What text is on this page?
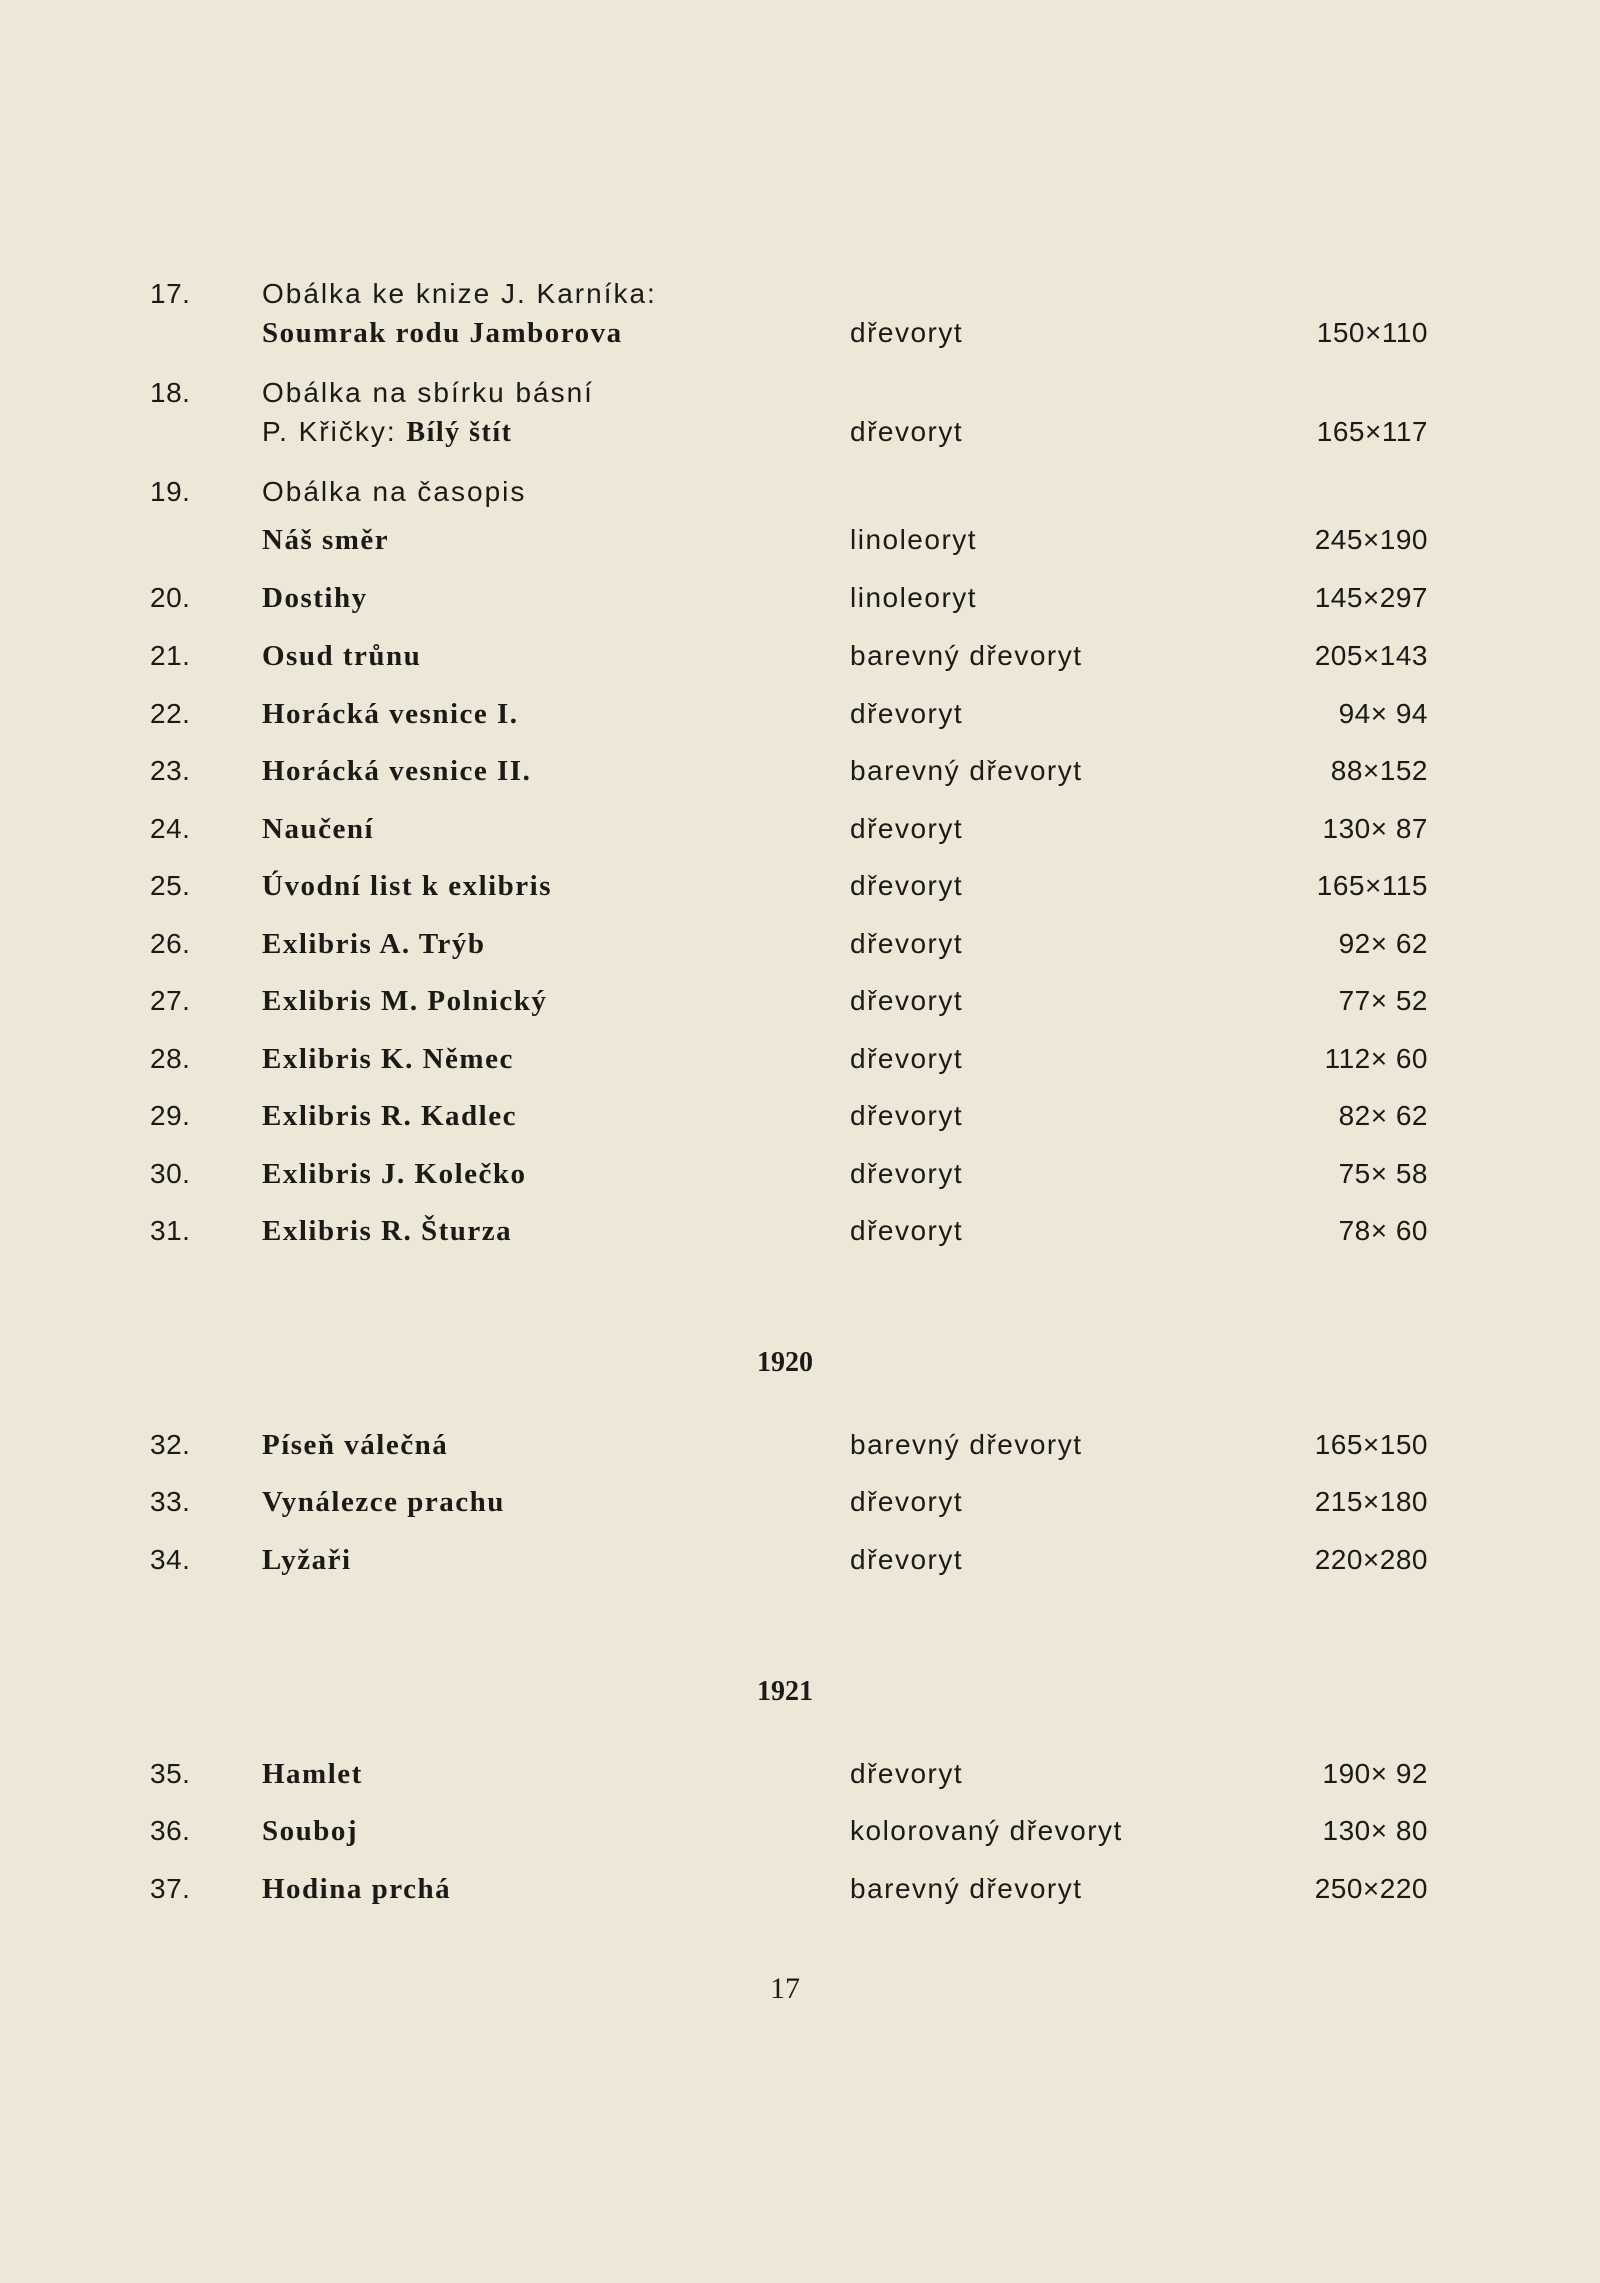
17.	Obálka ke knize J. Karníka:
Soumrak rodu Jamborova	dřevoryt	150×110
18.	Obálka na sbírku básní
P. Křičky: Bílý štít	dřevoryt	165×117
19.	Obálka na časopis
Náš směr	linoleoryt	245×190
20. Dostihy	linoleoryt	145×297
21. Osud trůnu	barevný dřevoryt	205×143
22. Horácká vesnice I.	dřevoryt	94× 94
23. Horácká vesnice II.	barevný dřevoryt	88×152
24. Naučení	dřevoryt	130× 87
25. Úvodní list k exlibris	dřevoryt	165×115
26. Exlibris A. Trýb	dřevoryt	92× 62
27. Exlibris M. Polnický	dřevoryt	77× 52
28. Exlibris K. Němec	dřevoryt	112× 60
29. Exlibris R. Kadlec	dřevoryt	82× 62
30. Exlibris J. Kolečko	dřevoryt	75× 58
31. Exlibris R. Šturza	dřevoryt	78× 60
1920
32. Píseň válečná	barevný dřevoryt	165×150
33. Vynálezce prachu	dřevoryt	215×180
34. Lyžaři	dřevoryt	220×280
1921
35. Hamlet	dřevoryt	190× 92
36. Souboj	kolorovaný dřevoryt	130× 80
37. Hodina prchá	barevný dřevoryt	250×220
17
